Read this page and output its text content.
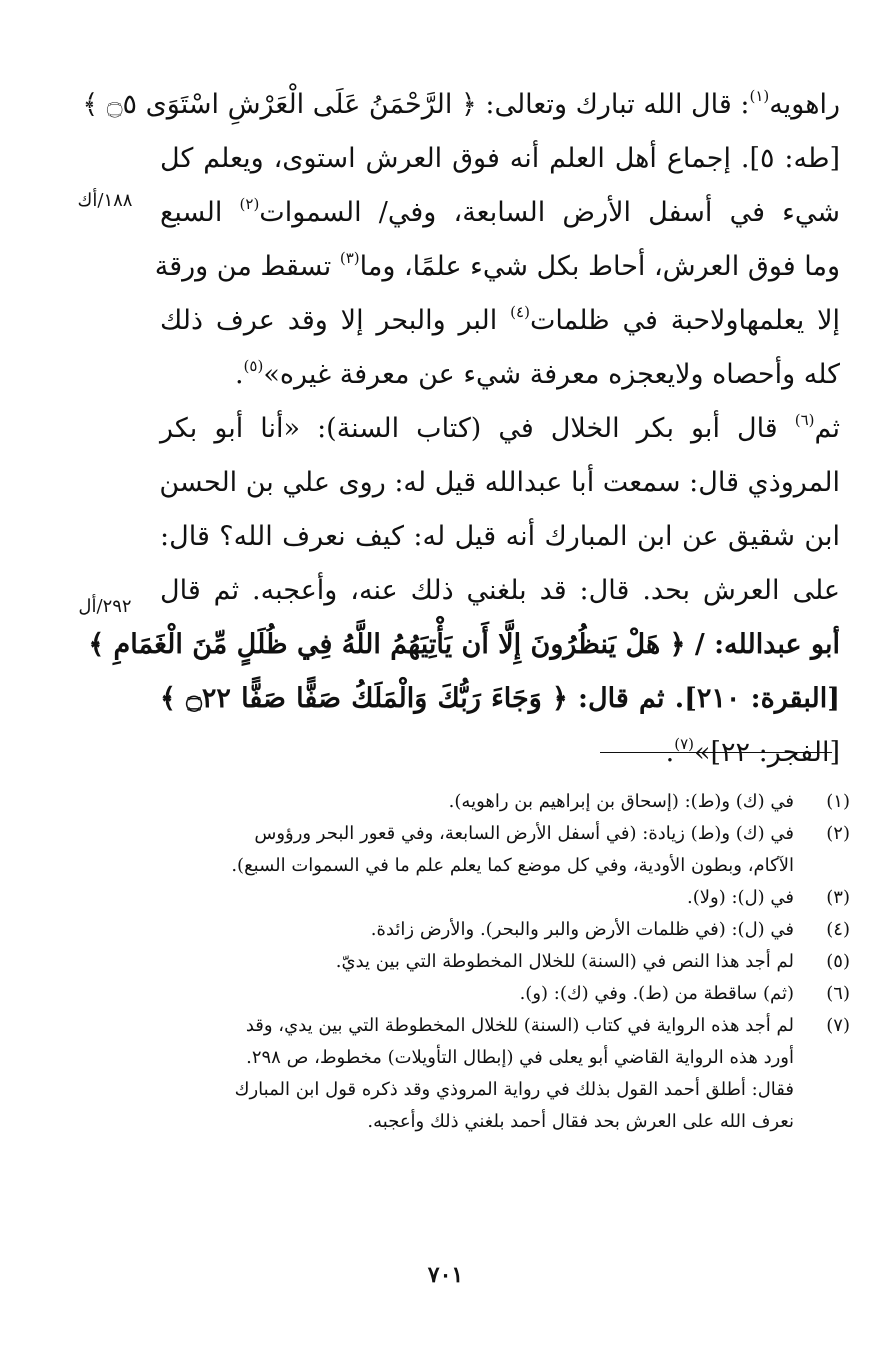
راهويه$^{(١)}$: قال الله تبارك وتعالى: ﴿ الرَّحْمَنُ عَلَى الْعَرْشِ اسْتَوَى ۝٥ ﴾
[طه: ٥]. إجماع أهل العلم أنه فوق العرش استوى، ويعلم كل
شيء في أسفل الأرض السابعة، وفي/ السموات$^{(٢)}$ السبع
وما فوق العرش، أحاط بكل شيء علمًا، وما$^{(٣)}$ تسقط من ورقة
إلا يعلمهاولاحبة في ظلمات$^{(٤)}$ البر والبحر إلا وقد عرف ذلك
كله وأحصاه ولايعجزه معرفة شيء عن معرفة غيره»$^{(٥)}$.
ثم$^{(٦)}$ قال أبو بكر الخلال في (كتاب السنة): «أنا أبو بكر
المروذي قال: سمعت أبا عبدالله قيل له: روى علي بن الحسن
ابن شقيق عن ابن المبارك أنه قيل له: كيف نعرف الله؟ قال:
على العرش بحد. قال: قد بلغني ذلك عنه، وأعجبه. ثم قال
أبو عبدالله: / ﴿ هَلْ يَنظُرُونَ إِلَّا أَن يَأْتِيَهُمُ اللَّهُ فِي ظُلَلٍ مِّنَ الْغَمَامِ ﴾
[البقرة: ٢١٠]. ثم قال: ﴿ وَجَاءَ رَبُّكَ وَالْمَلَكُ صَفًّا صَفًّا ۝٢٢ ﴾
[الفجر: ٢٢]»$^{(٧)}$.
١٨٨/أك
٢٩٢/أل
(١)
في (ك) و(ط): (إسحاق بن إبراهيم بن راهويه).
(٢)
في (ك) و(ط) زيادة: (في أسفل الأرض السابعة، وفي قعور البحر ورؤوس
الآكام، وبطون الأودية، وفي كل موضع كما يعلم علم ما في السموات السبع).
(٣)
في (ل): (ولا).
(٤)
في (ل): (في ظلمات الأرض والبر والبحر). والأرض زائدة.
(٥)
لم أجد هذا النص في (السنة) للخلال المخطوطة التي بين يديّ.
(٦)
(ثم) ساقطة من (ط). وفي (ك): (و).
(٧)
لم أجد هذه الرواية في كتاب (السنة) للخلال المخطوطة التي بين يدي، وقد
أورد هذه الرواية القاضي أبو يعلى في (إبطال التأويلات) مخطوط، ص ٢٩٨.
فقال: أطلق أحمد القول بذلك في رواية المروذي وقد ذكره قول ابن المبارك
نعرف الله على العرش بحد فقال أحمد بلغني ذلك وأعجبه.
٧٠١
